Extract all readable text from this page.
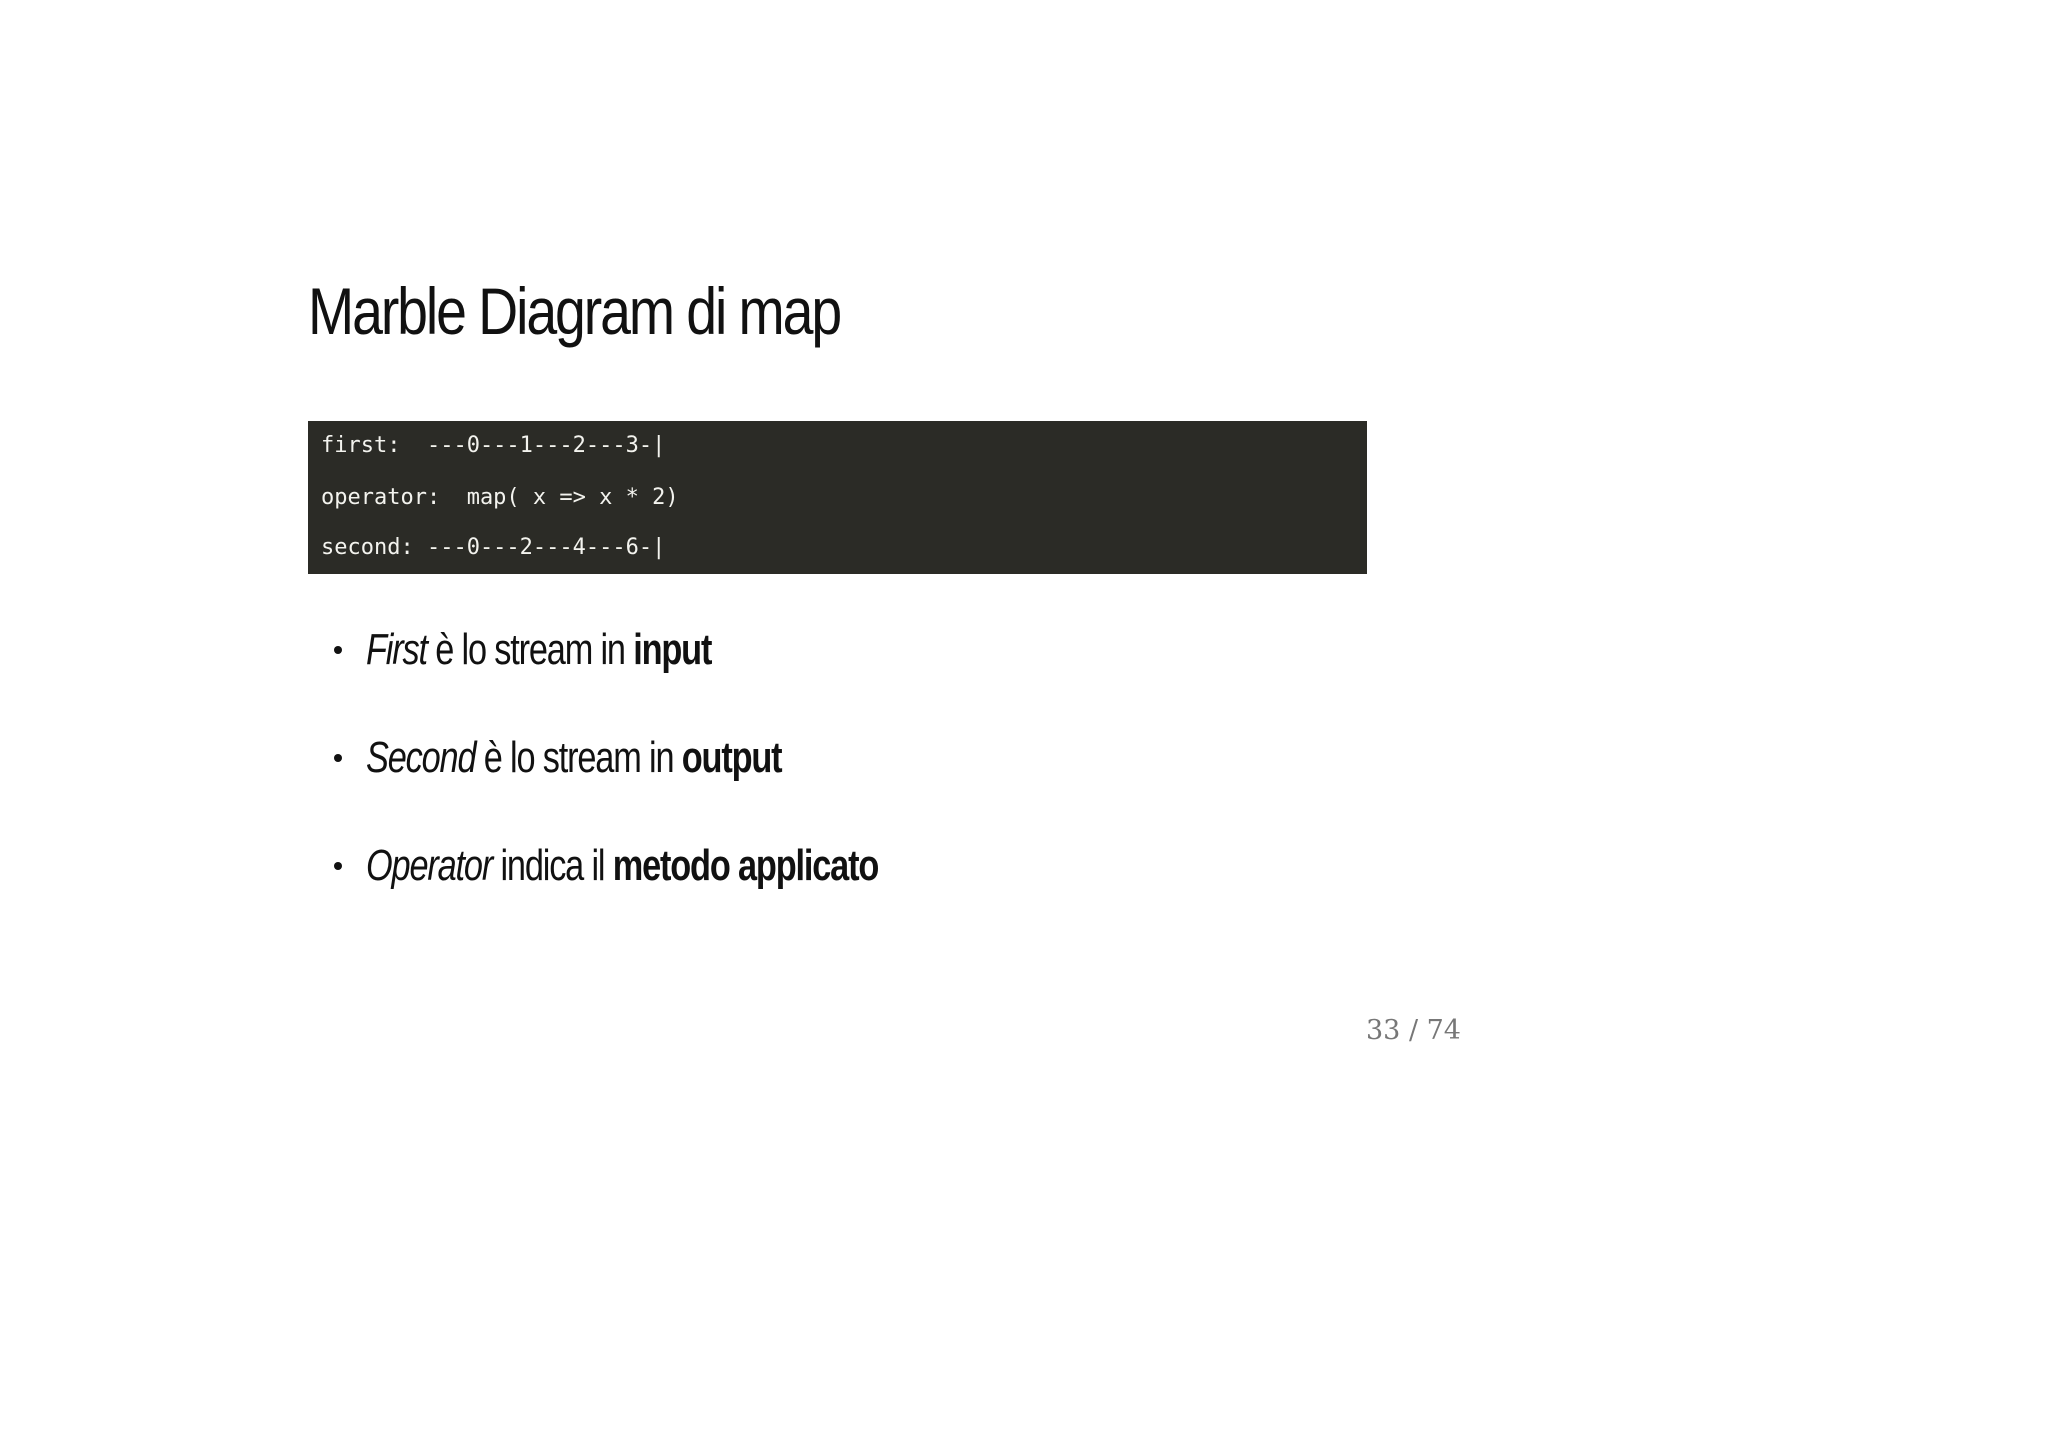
Marble Diagram di map

first:  ---0---1---2---3-|

operator:  map( x => x * 2)

second: ---0---2---4---6-|

First è lo stream in input
Second è lo stream in output
Operator indica il metodo applicato
33 / 74
